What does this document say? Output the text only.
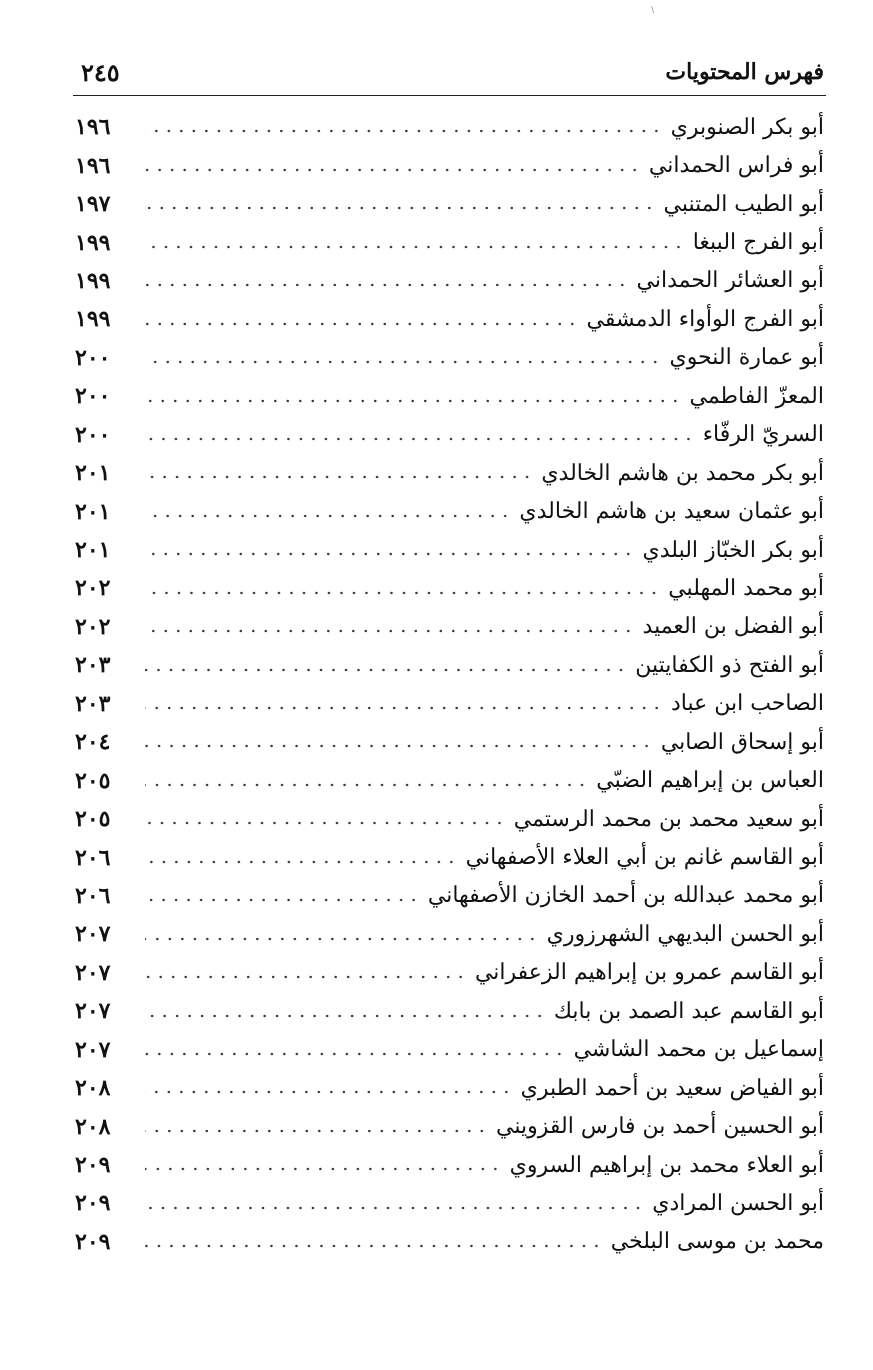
\
فهرس المحتويات
٢٤٥
أبو بكر الصنوبري
١٩٦
أبو فراس الحمداني
١٩٦
أبو الطيب المتنبي
١٩٧
أبو الفرج الببغا
١٩٩
أبو العشائر الحمداني
١٩٩
أبو الفرج الوأواء الدمشقي
١٩٩
أبو عمارة النحوي
٢٠٠
المعزّ الفاطمي
٢٠٠
السريّ الرفّاء
٢٠٠
أبو بكر محمد بن هاشم الخالدي
٢٠١
أبو عثمان سعيد بن هاشم الخالدي
٢٠١
أبو بكر الخبّاز البلدي
٢٠١
أبو محمد المهلبي
٢٠٢
أبو الفضل بن العميد
٢٠٢
أبو الفتح ذو الكفايتين
٢٠٣
الصاحب ابن عباد
٢٠٣
أبو إسحاق الصابي
٢٠٤
العباس بن إبراهيم الضبّي
٢٠٥
أبو سعيد محمد بن محمد الرستمي
٢٠٥
أبو القاسم غانم بن أبي العلاء الأصفهاني
٢٠٦
أبو محمد عبدالله بن أحمد الخازن الأصفهاني
٢٠٦
أبو الحسن البديهي الشهرزوري
٢٠٧
أبو القاسم عمرو بن إبراهيم الزعفراني
٢٠٧
أبو القاسم عبد الصمد بن بابك
٢٠٧
إسماعيل بن محمد الشاشي
٢٠٧
أبو الفياض سعيد بن أحمد الطبري
٢٠٨
أبو الحسين أحمد بن فارس القزويني
٢٠٨
أبو العلاء محمد بن إبراهيم السروي
٢٠٩
أبو الحسن المرادي
٢٠٩
محمد بن موسى البلخي
٢٠٩
